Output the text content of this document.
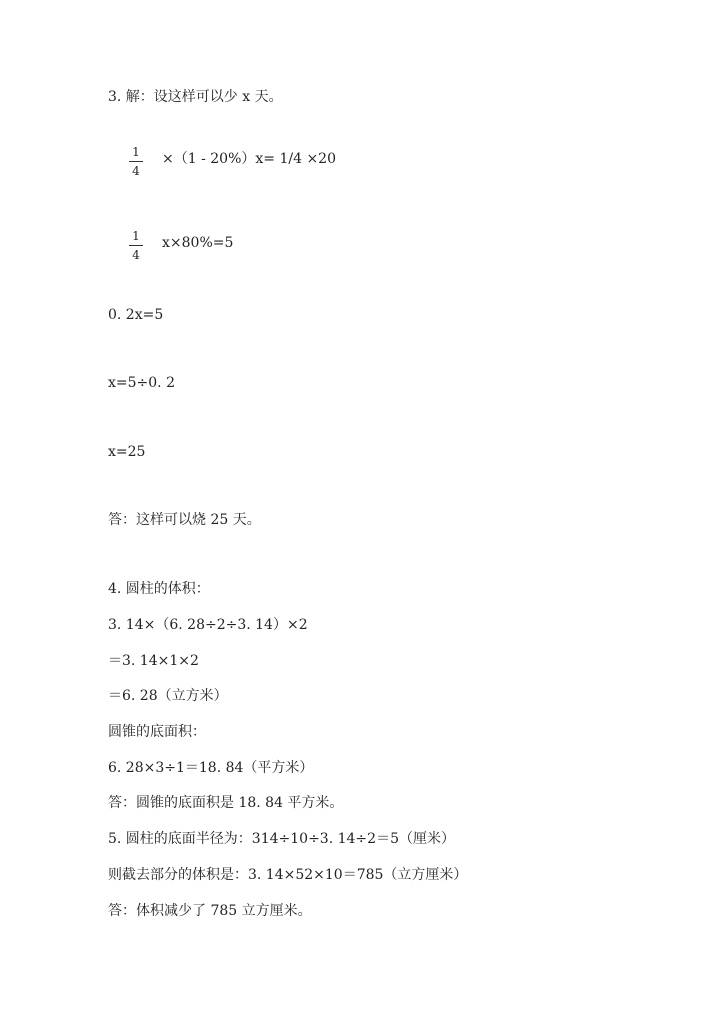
3. 解：设这样可以少 x 天。
1
4
×（1 - 20%）x= 1/4 ×20
1
4
x×80%=5
0. 2x=5
x=5÷0. 2
x=25
答：这样可以烧 25 天。
4. 圆柱的体积：
3. 14×（6. 28÷2÷3. 14）×2
＝3. 14×1×2
＝6. 28（立方米）
圆锥的底面积：
6. 28×3÷1＝18. 84（平方米）
答：圆锥的底面积是 18. 84 平方米。
5. 圆柱的底面半径为：314÷10÷3. 14÷2＝5（厘米）
则截去部分的体积是：3. 14×52×10＝785（立方厘米）
答：体积减少了 785 立方厘米。
